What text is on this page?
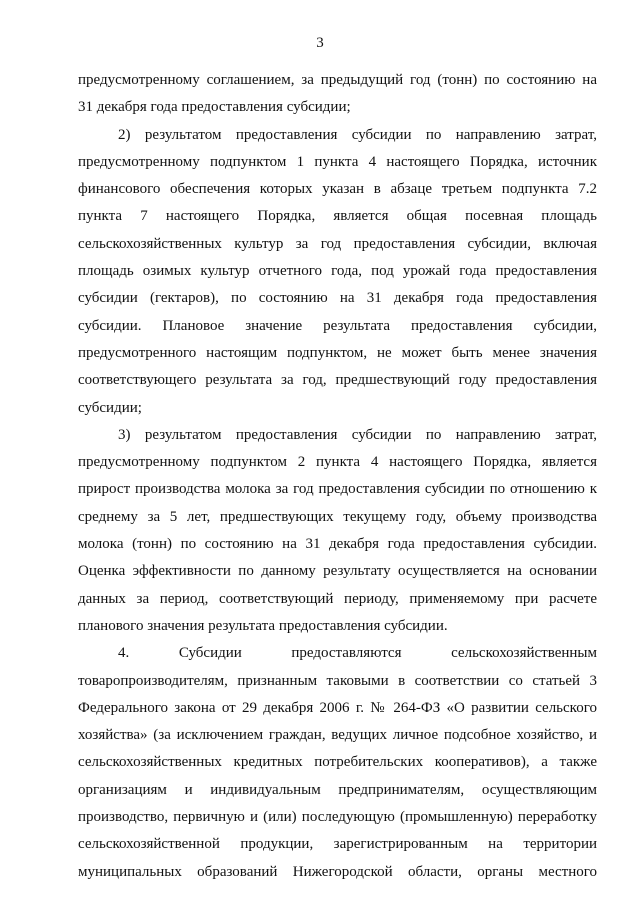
3

предусмотренному соглашением, за предыдущий год (тонн) по состоянию на
31 декабря года предоставления субсидии;

2) результатом предоставления субсидии по направлению затрат,
предусмотренному подпунктом 1 пункта 4 настоящего Порядка, источник
финансового обеспечения которых указан в абзаце третьем подпункта 7.2
пункта 7 настоящего Порядка, является общая посевная площадь
сельскохозяйственных культур за год предоставления субсидии, включая
площадь озимых культур отчетного года, под урожай года предоставления
субсидии (гектаров), по состоянию на 31 декабря года предоставления
субсидии. Плановое значение результата предоставления субсидии,
предусмотренного настоящим подпунктом, не может быть менее значения
соответствующего результата за год, предшествующий году предоставления
субсидии;

3) результатом предоставления субсидии по направлению затрат,
предусмотренному подпунктом 2 пункта 4 настоящего Порядка, является
прирост производства молока за год предоставления субсидии по отношению к
среднему за 5 лет, предшествующих текущему году, объему производства
молока (тонн) по состоянию на 31 декабря года предоставления субсидии.
Оценка эффективности по данному результату осуществляется на основании
данных за период, соответствующий периоду, применяемому при расчете
планового значения результата предоставления субсидии.

4. Субсидии предоставляются сельскохозяйственным
товаропроизводителям, признанным таковыми в соответствии со статьей 3
Федерального закона от 29 декабря 2006 г. № 264-ФЗ «О развитии сельского
хозяйства» (за исключением граждан, ведущих личное подсобное хозяйство, и
сельскохозяйственных кредитных потребительских кооперативов), а также
организациям и индивидуальным предпринимателям, осуществляющим
производство, первичную и (или) последующую (промышленную) переработку
сельскохозяйственной продукции, зарегистрированным на территории
муниципальных образований Нижегородской области, органы местного
